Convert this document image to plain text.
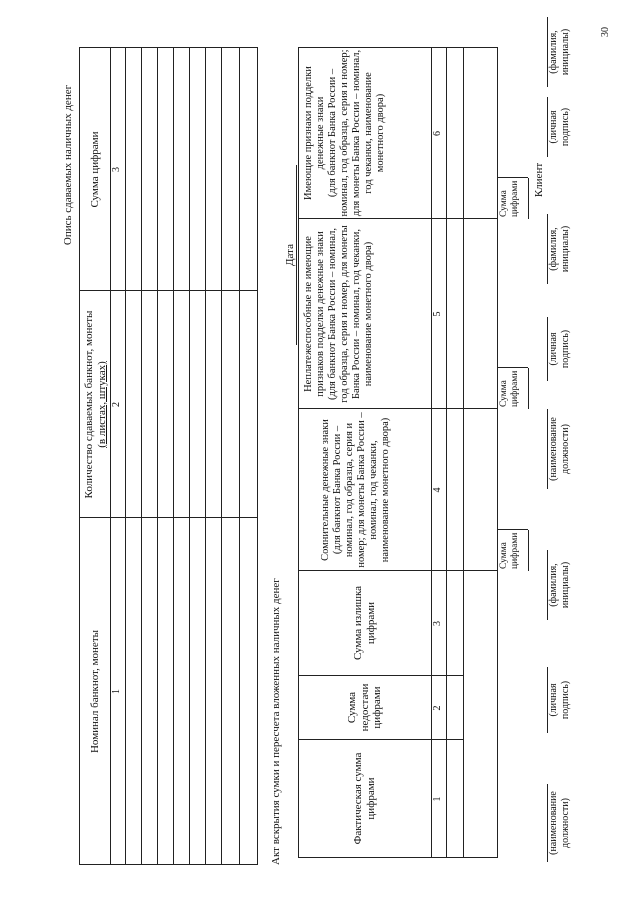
30
Опись сдаваемых наличных денег
Номинал банкнот, монеты
Количество сдаваемых банкнот, монеты (в листах, штуках)
Сумма цифрами
1
2
3
Акт вскрытия сумки и пересчета вложенных наличных денег
Дата
Фактическая сумма цифрами
Сумма недостачи цифрами
Сумма излишка цифрами
Сомнительные денежные знаки (для банкнот Банка России – номинал, год образца, серия и номер; для монеты Банка России – номинал, год чеканки, наименование монетного двора)
Неплатежеспособные не имеющие признаков подделки денежные знаки (для банкнот Банка России – номинал, год образца, серия и номер, для монеты Банка России – номинал, год чеканки, наименование монетного двора)
Имеющие признаки подделки денежные знаки (для банкнот Банка России – номинал, год образца, серия и номер; для монеты Банка России – номинал, год чеканки, наименование монетного двора)
1
2
3
4
5
6
Сумма цифрами
Сумма цифрами
Сумма цифрами
(наименование должности)
(личная подпись)
(фамилия, инициалы)
(наименование должности)
(личная подпись)
(фамилия, инициалы)
Клиент
(личная подпись)
(фамилия, инициалы)
